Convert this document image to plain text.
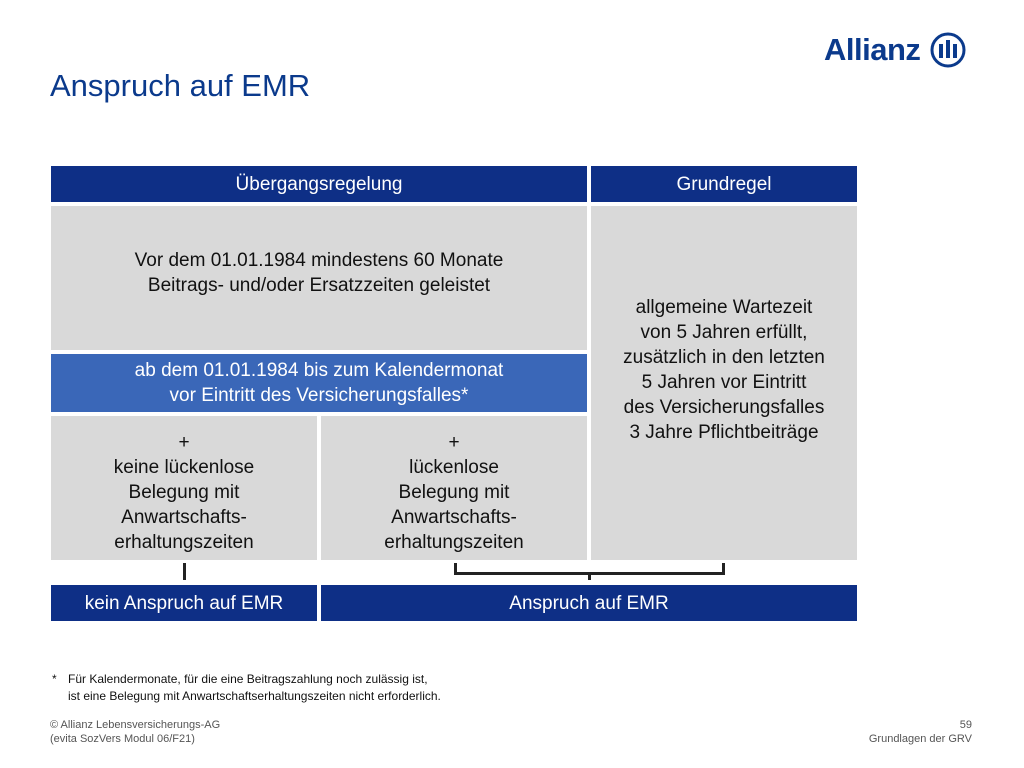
Anspruch auf EMR
Allianz
Übergangsregelung	Grundregel
Vor dem 01.01.1984 mindestens 60 Monate
Beitrags- und/oder Ersatzzeiten geleistet
allgemeine Wartezeit
von 5 Jahren erfüllt,
zusätzlich in den letzten
5 Jahren vor Eintritt
des Versicherungsfalles
3 Jahre Pflichtbeiträge
ab dem 01.01.1984 bis zum Kalendermonat
vor Eintritt des Versicherungsfalles*
+
keine lückenlose
Belegung mit
Anwartschafts-
erhaltungszeiten
+
lückenlose
Belegung mit
Anwartschafts-
erhaltungszeiten
kein Anspruch auf EMR	Anspruch auf EMR
* Für Kalendermonate, für die eine Beitragszahlung noch zulässig ist,
ist eine Belegung mit Anwartschaftserhaltungszeiten nicht erforderlich.
© Allianz Lebensversicherungs-AG
(evita SozVers Modul 06/F21)
59
Grundlagen der GRV
